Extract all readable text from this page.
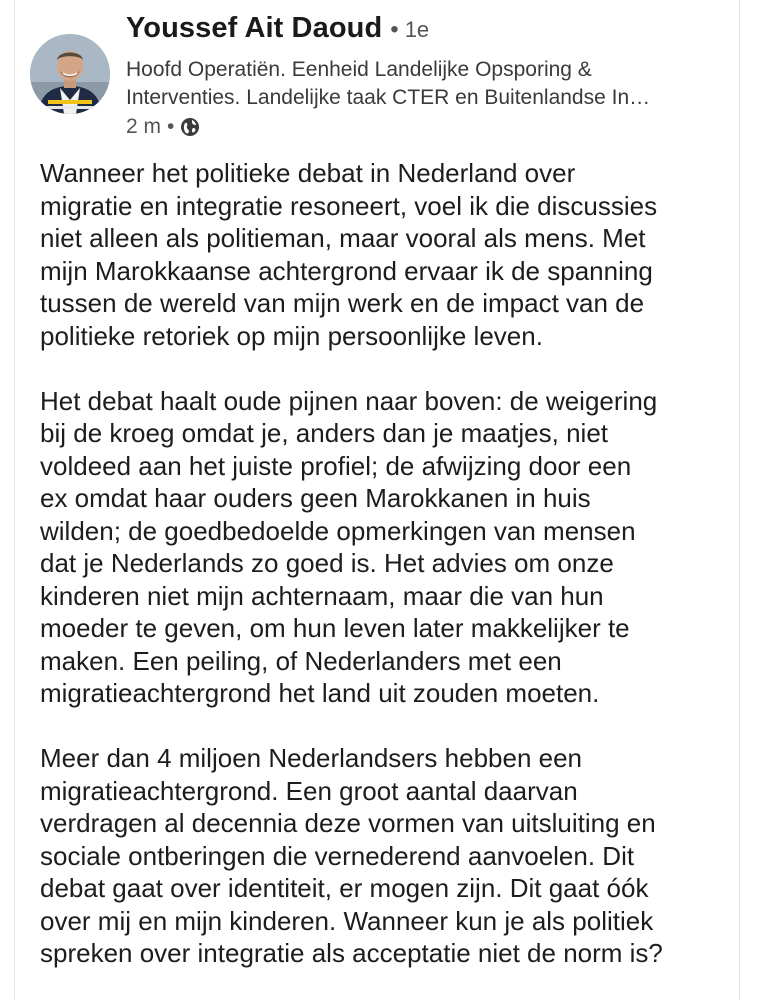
Youssef Ait Daoud • 1e
Hoofd Operatiën. Eenheid Landelijke Opsporing &
Interventies. Landelijke taak CTER en Buitenlandse In…
2 m •
Wanneer het politieke debat in Nederland over
migratie en integratie resoneert, voel ik die discussies
niet alleen als politieman, maar vooral als mens. Met
mijn Marokkaanse achtergrond ervaar ik de spanning
tussen de wereld van mijn werk en de impact van de
politieke retoriek op mijn persoonlijke leven.
Het debat haalt oude pijnen naar boven: de weigering
bij de kroeg omdat je, anders dan je maatjes, niet
voldeed aan het juiste profiel; de afwijzing door een
ex omdat haar ouders geen Marokkanen in huis
wilden; de goedbedoelde opmerkingen van mensen
dat je Nederlands zo goed is. Het advies om onze
kinderen niet mijn achternaam, maar die van hun
moeder te geven, om hun leven later makkelijker te
maken. Een peiling, of Nederlanders met een
migratieachtergrond het land uit zouden moeten.
Meer dan 4 miljoen Nederlandsers hebben een
migratieachtergrond. Een groot aantal daarvan
verdragen al decennia deze vormen van uitsluiting en
sociale ontberingen die vernederend aanvoelen. Dit
debat gaat over identiteit, er mogen zijn. Dit gaat óók
over mij en mijn kinderen. Wanneer kun je als politiek
spreken over integratie als acceptatie niet de norm is?
